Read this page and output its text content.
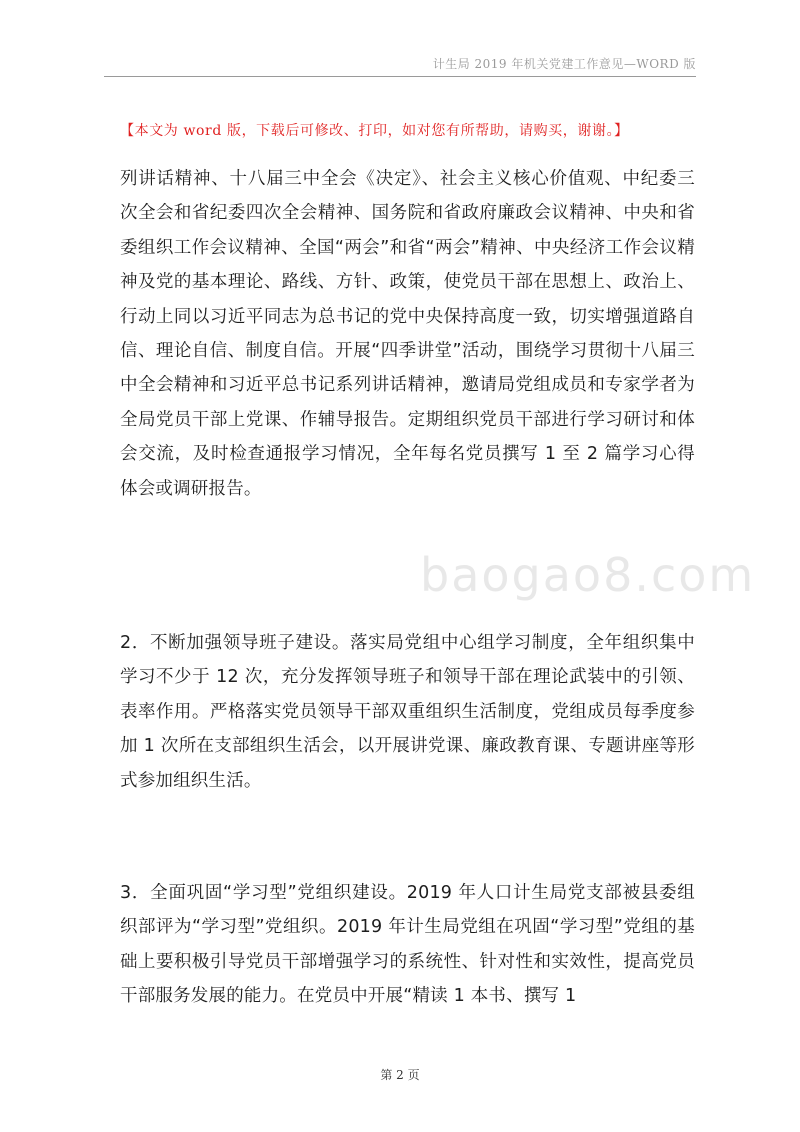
计生局 2019 年机关党建工作意见—WORD 版
【本文为 word 版，下载后可修改、打印，如对您有所帮助，请购买，谢谢。】

列讲话精神、十八届三中全会《决定》、社会主义核心价值观、中纪委三次全会和省纪委四次全会精神、国务院和省政府廉政会议精神、中央和省委组织工作会议精神、全国“两会”和省“两会”精神、中央经济工作会议精神及党的基本理论、路线、方针、政策，使党员干部在思想上、政治上、行动上同以习近平同志为总书记的党中央保持高度一致，切实增强道路自信、理论自信、制度自信。开展“四季讲堂”活动，围绕学习贯彻十八届三中全会精神和习近平总书记系列讲话精神，邀请局党组成员和专家学者为全局党员干部上党课、作辅导报告。定期组织党员干部进行学习研讨和体会交流，及时检查通报学习情况，全年每名党员撰写 1 至 2 篇学习心得体会或调研报告。

2．不断加强领导班子建设。落实局党组中心组学习制度，全年组织集中学习不少于 12 次，充分发挥领导班子和领导干部在理论武装中的引领、表率作用。严格落实党员领导干部双重组织生活制度，党组成员每季度参加 1 次所在支部组织生活会，以开展讲党课、廉政教育课、专题讲座等形式参加组织生活。

3．全面巩固“学习型”党组织建设。2019 年人口计生局党支部被县委组织部评为“学习型”党组织。2019 年计生局党组在巩固“学习型”党组的基础上要积极引导党员干部增强学习的系统性、针对性和实效性，提高党员干部服务发展的能力。在党员中开展“精读 1 本书、撰写 1

baogao8.com
第 2 页
